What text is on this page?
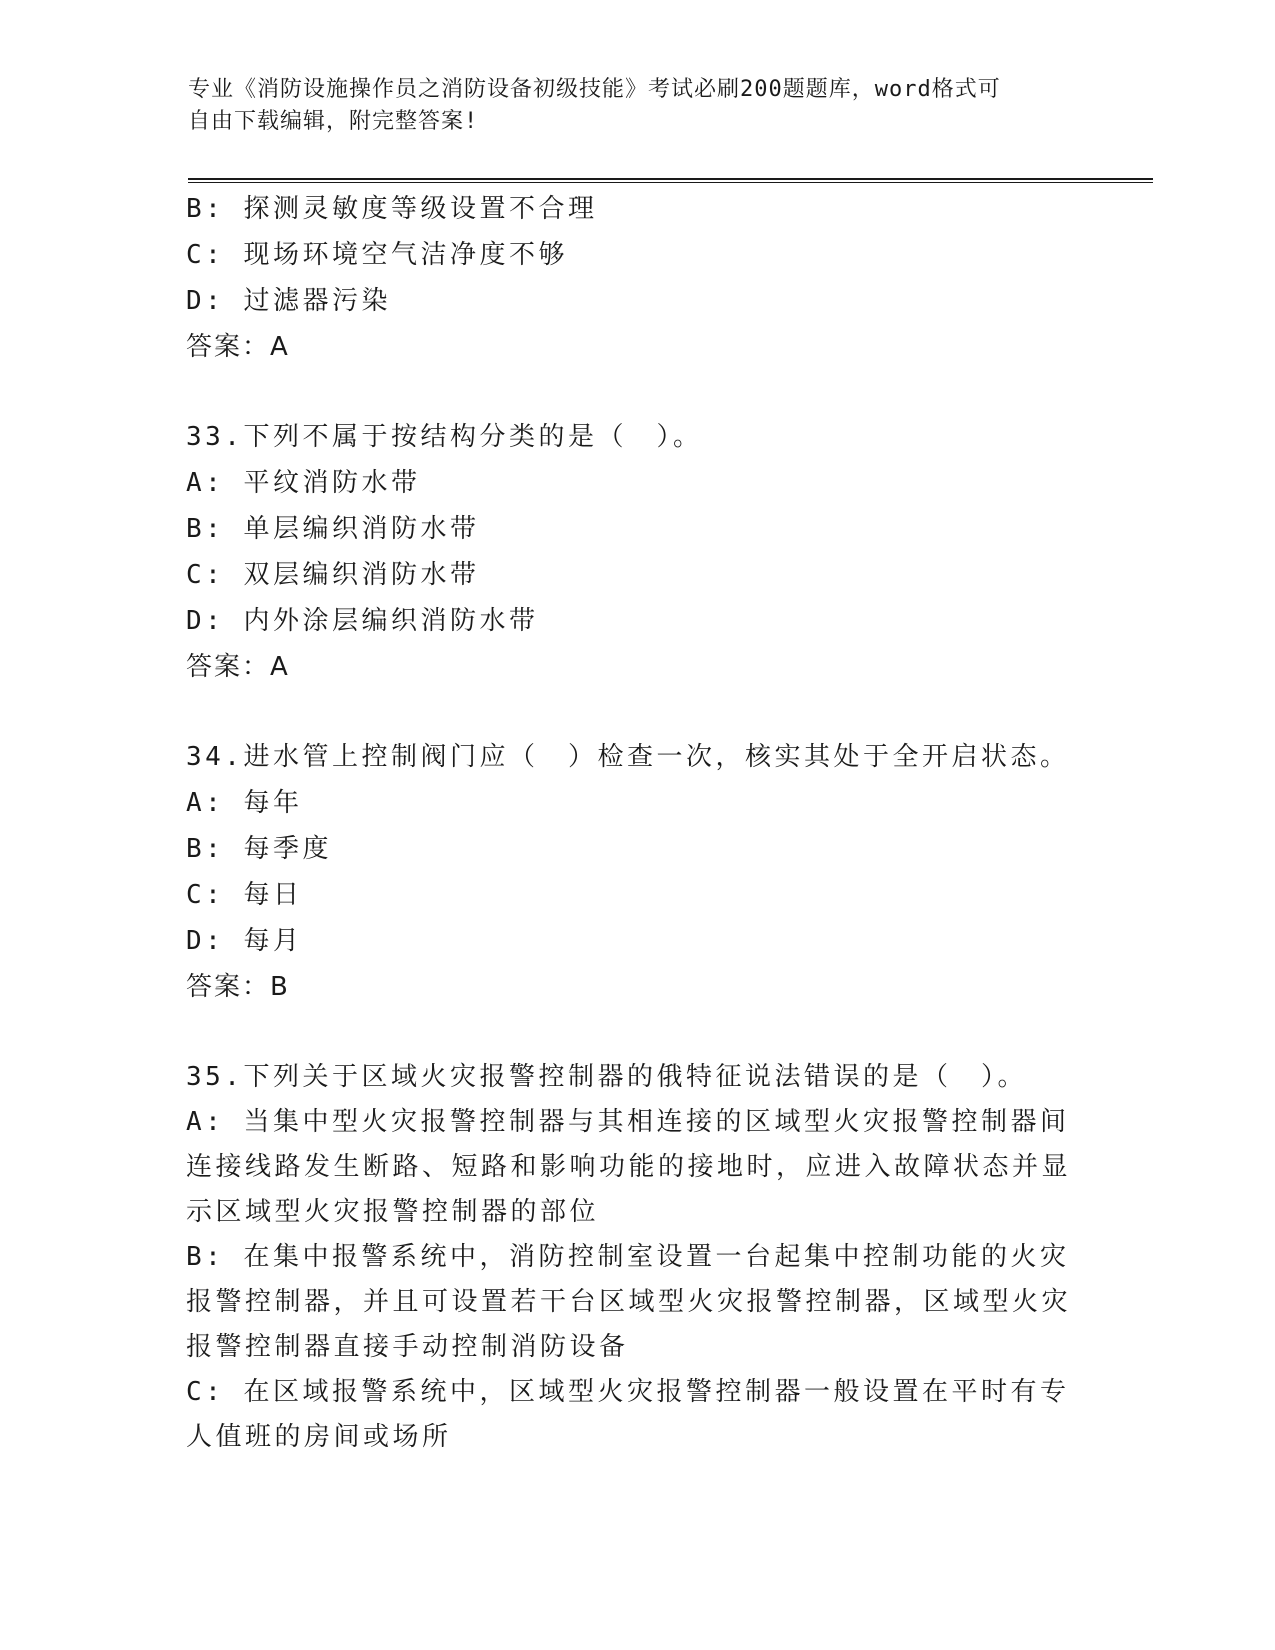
专业《消防设施操作员之消防设备初级技能》考试必刷200题题库，word格式可
自由下载编辑，附完整答案!
B: 探测灵敏度等级设置不合理
C: 现场环境空气洁净度不够
D: 过滤器污染
答案：A
33.下列不属于按结构分类的是（　）。
A: 平纹消防水带
B: 单层编织消防水带
C: 双层编织消防水带
D: 内外涂层编织消防水带
答案：A
34.进水管上控制阀门应（　）检查一次，核实其处于全开启状态。
A: 每年
B: 每季度
C: 每日
D: 每月
答案：B
35.下列关于区域火灾报警控制器的俄特征说法错误的是（　）。
A: 当集中型火灾报警控制器与其相连接的区域型火灾报警控制器间连接线路发生断路、短路和影响功能的接地时，应进入故障状态并显示区域型火灾报警控制器的部位
B: 在集中报警系统中，消防控制室设置一台起集中控制功能的火灾报警控制器，并且可设置若干台区域型火灾报警控制器，区域型火灾报警控制器直接手动控制消防设备
C: 在区域报警系统中，区域型火灾报警控制器一般设置在平时有专人值班的房间或场所
